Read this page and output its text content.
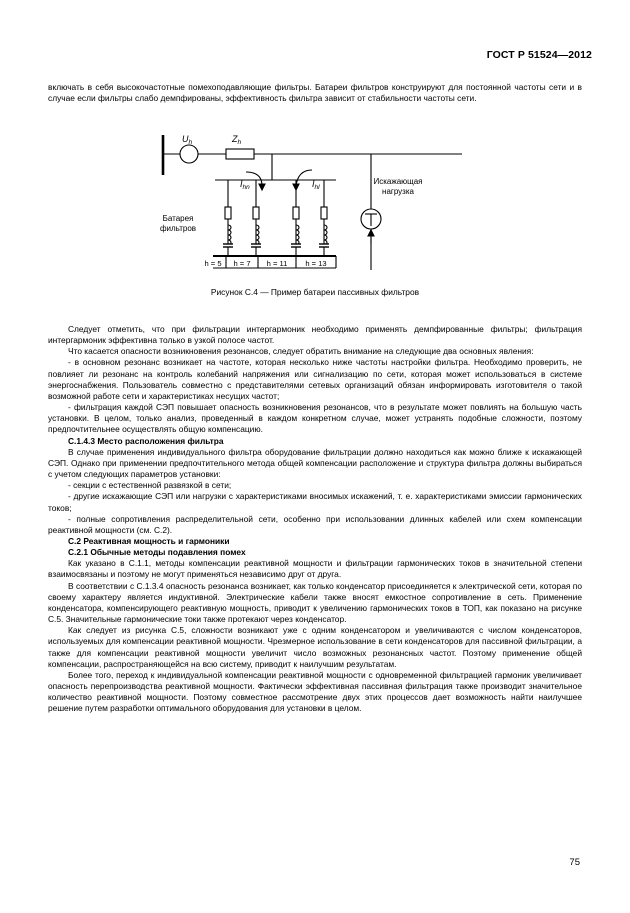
ГОСТ Р 51524—2012

включать в себя высокочастотные помехоподавляющие фильтры. Батареи фильтров конструируют для постоянной частоты сети и в случае если фильтры слабо демпфированы, эффективность фильтра зависит от стабильности частоты сети.

$U_h$	$Z_h$
$I_{hn}$	$I_{hl}$
Искажающая
нагрузка
Батарея
фильтров
h = 5 h = 7 h = 11 h = 13
Рисунок С.4 — Пример батареи пассивных фильтров

Следует отметить, что при фильтрации интергармоник необходимо применять демпфированные фильтры; фильтрация интергармоник эффективна только в узкой полосе частот.

Что касается опасности возникновения резонансов, следует обратить внимание на следующие два основных явления:

- в основном резонанс возникает на частоте, которая несколько ниже частоты настройки фильтра. Необходимо проверить, не повлияет ли резонанс на контроль колебаний напряжения или сигнализацию по сети, которая может использоваться в системе энергоснабжения. Пользователь совместно с представителями сетевых организаций обязан информировать изготовителя о такой возможной работе сети и характеристиках несущих частот;

- фильтрация каждой СЭП повышает опасность возникновения резонансов, что в результате может повлиять на большую часть установки. В целом, только анализ, проведенный в каждом конкретном случае, может устранять подобные сложности, поэтому предпочтительнее осуществлять общую компенсацию.

С.1.4.3 Место расположения фильтра

В случае применения индивидуального фильтра оборудование фильтрации должно находиться как можно ближе к искажающей СЭП. Однако при применении предпочтительного метода общей компенсации расположение и структура фильтра должны выбираться с учетом следующих параметров установки:

- секции с естественной развязкой в сети;

- другие искажающие СЭП или нагрузки с характеристиками вносимых искажений, т. е. характеристиками эмиссии гармонических токов;

- полные сопротивления распределительной сети, особенно при использовании длинных кабелей или схем компенсации реактивной мощности (см. С.2).

С.2 Реактивная мощность и гармоники

С.2.1 Обычные методы подавления помех

Как указано в С.1.1, методы компенсации реактивной мощности и фильтрации гармонических токов в значительной степени взаимосвязаны и поэтому не могут применяться независимо друг от друга.

В соответствии с С.1.3.4 опасность резонанса возникает, как только конденсатор присоединяется к электрической сети, которая по своему характеру является индуктивной. Электрические кабели также вносят емкостное сопротивление в сеть. Применение конденсатора, компенсирующего реактивную мощность, приводит к увеличению гармонических токов в ТОП, как показано на рисунке С.5. Значительные гармонические токи также протекают через конденсатор.

Как следует из рисунка С.5, сложности возникают уже с одним конденсатором и увеличиваются с числом конденсаторов, используемых для компенсации реактивной мощности. Чрезмерное использование в сети конденсаторов для пассивной фильтрации, а также для компенсации реактивной мощности увеличит число возможных резонансных частот. Поэтому применение общей компенсации, распространяющейся на всю систему, приводит к наилучшим результатам.

Более того, переход к индивидуальной компенсации реактивной мощности с одновременной фильтрацией гармоник увеличивает опасность перепроизводства реактивной мощности. Фактически эффективная пассивная фильтрация также производит значительное количество реактивной мощности. Поэтому совместное рассмотрение двух этих процессов дает возможность найти наилучшее решение путем разработки оптимального оборудования для установки в целом.

75
